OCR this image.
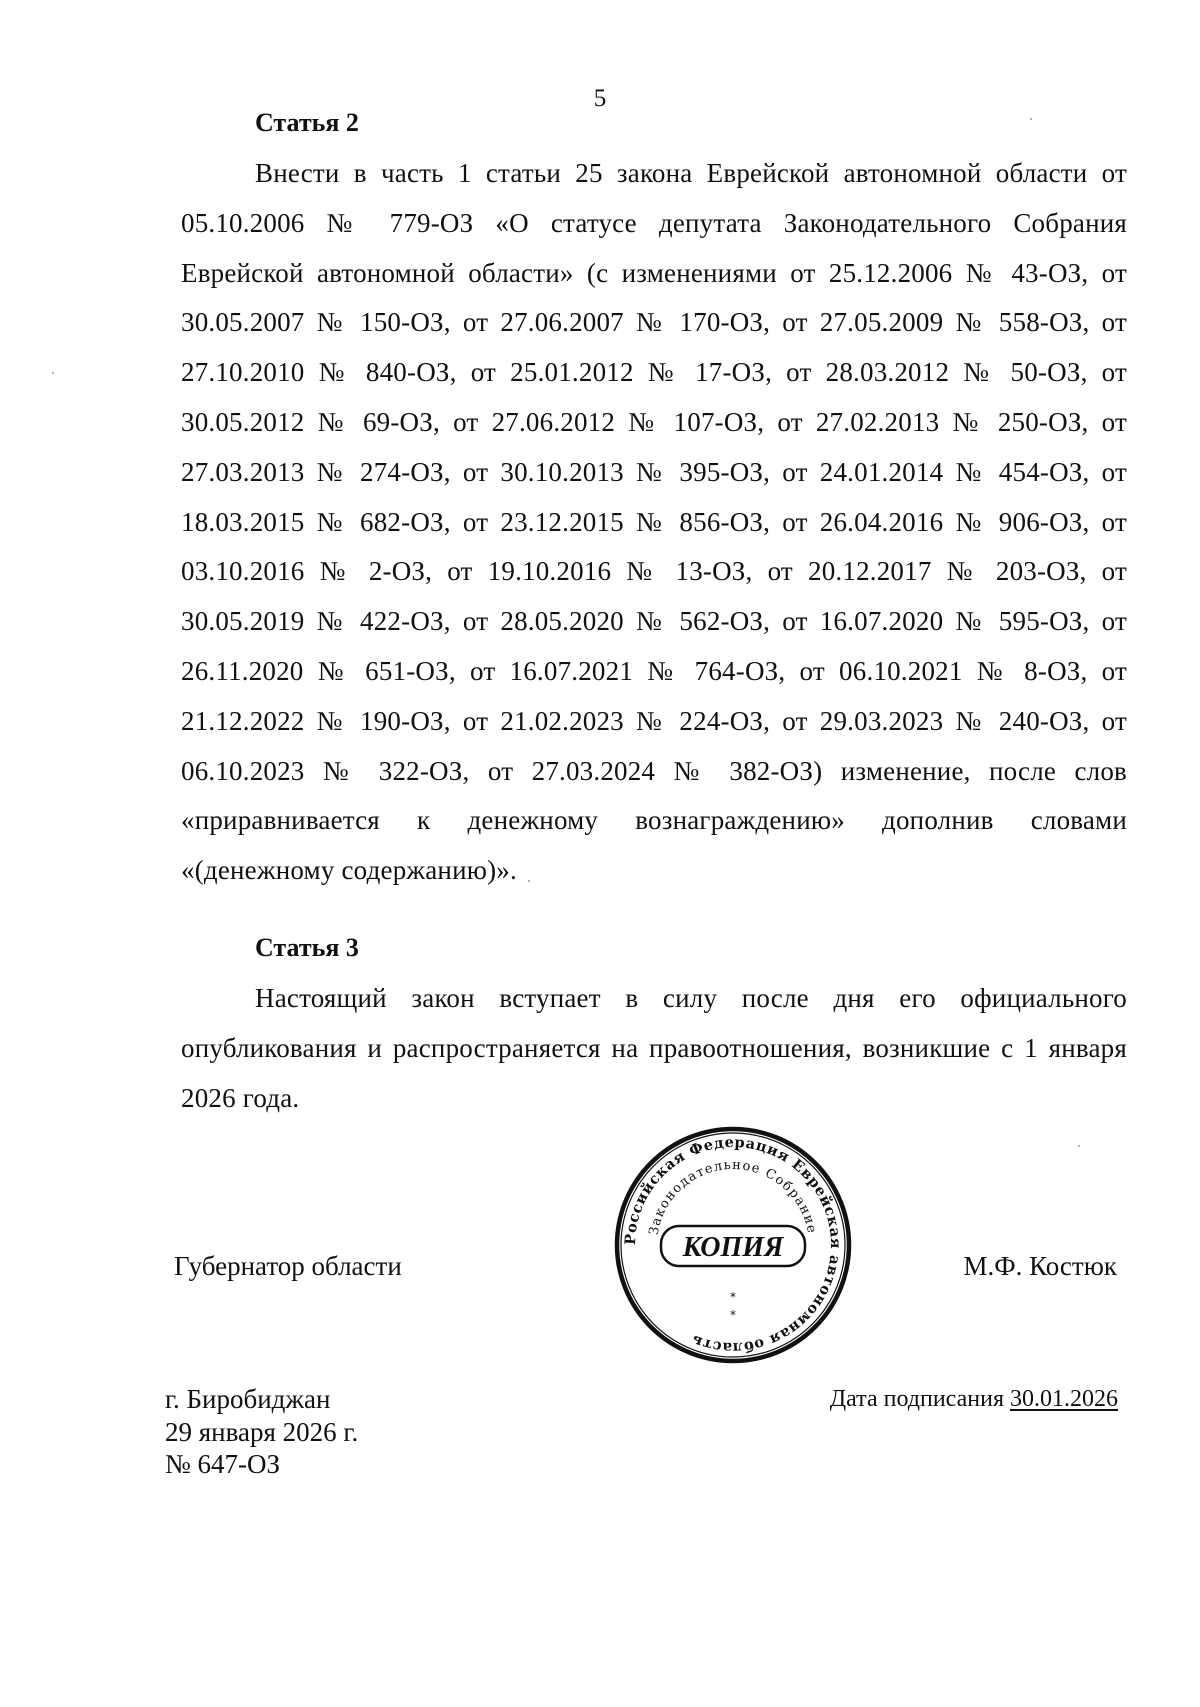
5
Статья 2

Внести в часть 1 статьи 25 закона Еврейской автономной области от 05.10.2006 № 779-ОЗ «О статусе депутата Законодательного Собрания Еврейской автономной области» (с изменениями от 25.12.2006 № 43-ОЗ, от 30.05.2007 № 150-ОЗ, от 27.06.2007 № 170-ОЗ, от 27.05.2009 № 558-ОЗ, от 27.10.2010 № 840-ОЗ, от 25.01.2012 № 17-ОЗ, от 28.03.2012 № 50-ОЗ, от 30.05.2012 № 69-ОЗ, от 27.06.2012 № 107-ОЗ, от 27.02.2013 № 250-ОЗ, от 27.03.2013 № 274-ОЗ, от 30.10.2013 № 395-ОЗ, от 24.01.2014 № 454-ОЗ, от 18.03.2015 № 682-ОЗ, от 23.12.2015 № 856-ОЗ, от 26.04.2016 № 906-ОЗ, от 03.10.2016 № 2-ОЗ, от 19.10.2016 № 13-ОЗ, от 20.12.2017 № 203-ОЗ, от 30.05.2019 № 422-ОЗ, от 28.05.2020 № 562-ОЗ, от 16.07.2020 № 595-ОЗ, от 26.11.2020 № 651-ОЗ, от 16.07.2021 № 764-ОЗ, от 06.10.2021 № 8-ОЗ, от 21.12.2022 № 190-ОЗ, от 21.02.2023 № 224-ОЗ, от 29.03.2023 № 240-ОЗ, от 06.10.2023 № 322-ОЗ, от 27.03.2024 № 382-ОЗ) изменение, после слов «приравнивается к денежному вознаграждению» дополнив словами «(денежному содержанию)».

Статья 3

Настоящий закон вступает в силу после дня его официального опубликования и распространяется на правоотношения, возникшие с 1 января 2026 года.

Губернатор области	М.Ф. Костюк
Российская Федерация Еврейская автономная область
Законодательное Собрание
КОПИЯ
*
*
г. Биробиджан
29 января 2026 г.
№ 647-ОЗ
Дата подписания 30.01.2026
